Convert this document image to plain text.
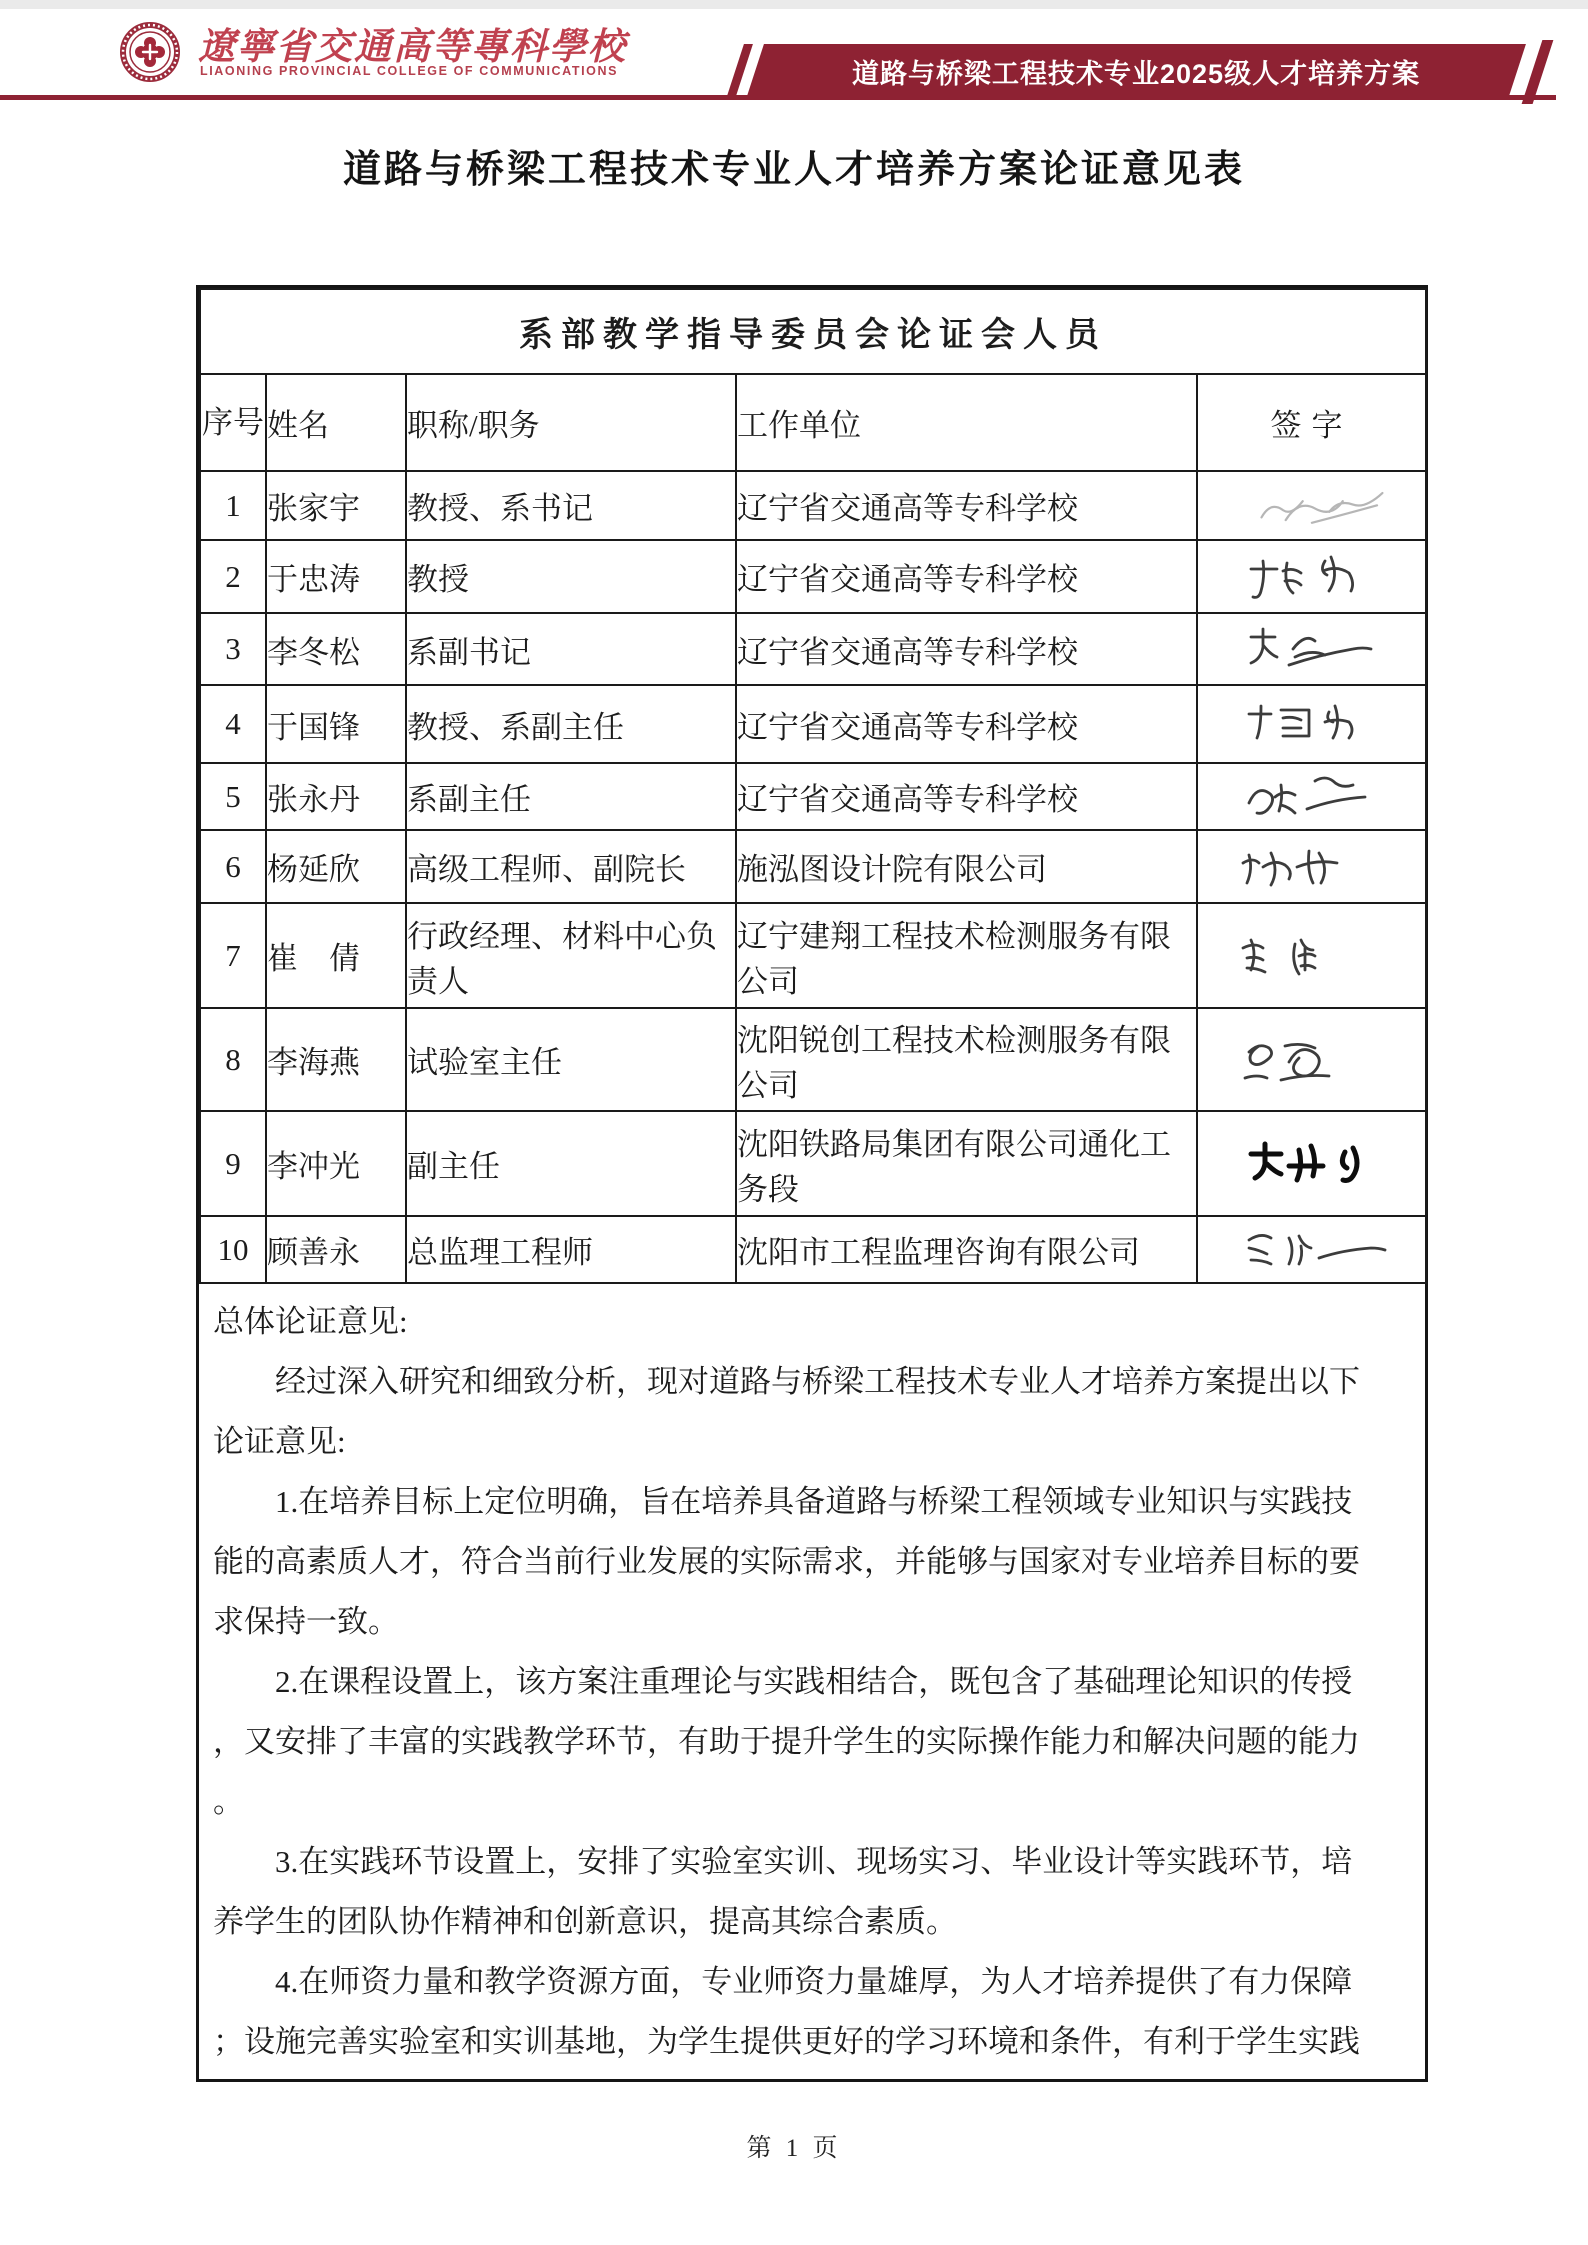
遼寧省交通高等專科學校
LIAONING PROVINCIAL COLLEGE OF COMMUNICATIONS	道路与桥梁工程技术专业2025级人才培养方案
道路与桥梁工程技术专业人才培养方案论证意见表
系部教学指导委员会论证会人员				
序号	姓名	职称/职务	工作单位	签字
1	张家宇	教授、系书记	辽宁省交通高等专科学校	

2	于忠涛	教授	辽宁省交通高等专科学校	

3	李冬松	系副书记	辽宁省交通高等专科学校	

4	于国锋	教授、系副主任	辽宁省交通高等专科学校	

5	张永丹	系副主任	辽宁省交通高等专科学校	

6	杨延欣	高级工程师、副院长	施泓图设计院有限公司	

7	崔　倩	行政经理、材料中心负责人	辽宁建翔工程技术检测服务有限公司	

8	李海燕	试验室主任	沈阳锐创工程技术检测服务有限公司	

9	李冲光	副主任	沈阳铁路局集团有限公司通化工务段	

10	顾善永	总监理工程师	沈阳市工程监理咨询有限公司	
总体论证意见:
　　经过深入研究和细致分析，现对道路与桥梁工程技术专业人才培养方案提出以下
论证意见:
　　1.在培养目标上定位明确，旨在培养具备道路与桥梁工程领域专业知识与实践技
能的高素质人才，符合当前行业发展的实际需求，并能够与国家对专业培养目标的要
求保持一致。
　　2.在课程设置上，该方案注重理论与实践相结合，既包含了基础理论知识的传授
，又安排了丰富的实践教学环节，有助于提升学生的实际操作能力和解决问题的能力
。
　　3.在实践环节设置上，安排了实验室实训、现场实习、毕业设计等实践环节，培
养学生的团队协作精神和创新意识，提高其综合素质。
　　4.在师资力量和教学资源方面，专业师资力量雄厚，为人才培养提供了有力保障
；设施完善实验室和实训基地，为学生提供更好的学习环境和条件，有利于学生实践
第 1 页
